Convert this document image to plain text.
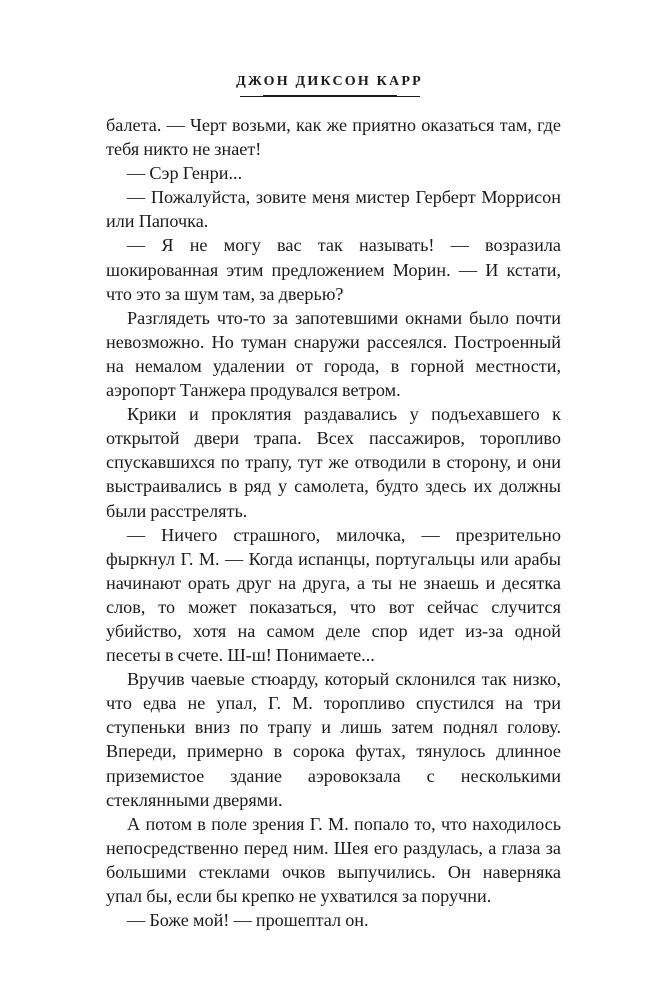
ДЖОН ДИКСОН КАРР

балета. — Черт возьми, как же приятно оказаться там, где тебя никто не знает!

— Сэр Генри...

— Пожалуйста, зовите меня мистер Герберт Моррисон или Папочка.

— Я не могу вас так называть! — возразила шокированная этим предложением Морин. — И кстати, что это за шум там, за дверью?

Разглядеть что-то за запотевшими окнами было почти невозможно. Но туман снаружи рассеялся. Построенный на немалом удалении от города, в горной местности, аэропорт Танжера продувался ветром.

Крики и проклятия раздавались у подъехавшего к открытой двери трапа. Всех пассажиров, торопливо спускавшихся по трапу, тут же отводили в сторону, и они выстраивались в ряд у самолета, будто здесь их должны были расстрелять.

— Ничего страшного, милочка, — презрительно фыркнул Г. М. — Когда испанцы, португальцы или арабы начинают орать друг на друга, а ты не знаешь и десятка слов, то может показаться, что вот сейчас случится убийство, хотя на самом деле спор идет из-за одной песеты в счете. Ш-ш! Понимаете...

Вручив чаевые стюарду, который склонился так низко, что едва не упал, Г. М. торопливо спустился на три ступеньки вниз по трапу и лишь затем поднял голову. Впереди, примерно в сорока футах, тянулось длинное приземистое здание аэровокзала с несколькими стеклянными дверями.

А потом в поле зрения Г. М. попало то, что находилось непосредственно перед ним. Шея его раздулась, а глаза за большими стеклами очков выпучились. Он наверняка упал бы, если бы крепко не ухватился за поручни.

— Боже мой! — прошептал он.
